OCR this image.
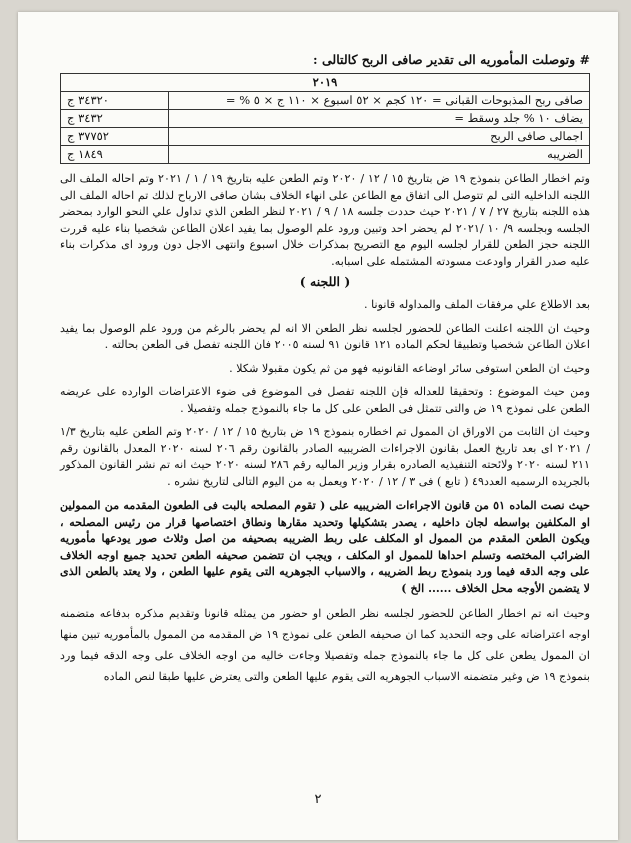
# وتوصلت المأموريه الى تقدير صافى الربح كالتالى :
٢٠١٩	
صافى ربح المذبوحات القبانى = ١٢٠ كجم × ٥٢ اسبوع × ١١٠ ج × ٥ % =	٣٤٣٢٠ ج
يضاف ١٠ % جلد وسقط =	٣٤٣٢ ج
اجمالى صافى الربح	٣٧٧٥٢ ج
الضريبه	١٨٤٩ ج

وتم اخطار الطاعن بنموذج ١٩ ض بتاريخ ١٥ / ١٢ / ٢٠٢٠ وتم الطعن عليه بتاريخ ١٩ / ١ / ٢٠٢١ وتم احاله الملف الى اللجنه الداخليه التى لم تتوصل الى اتفاق مع الطاعن على انهاء الخلاف بشان صافى الارباح لذلك تم احاله الملف الى هذه اللجنه بتاريخ ٢٧ / ٧ / ٢٠٢١ حيث حددت جلسه ١٨ / ٩ / ٢٠٢١ لنظر الطعن الذي تداول علي النحو الوارد بمحضر الجلسه وبجلسه ٩/ ١٠ /٢٠٢١ لم يحضر احد وتبين ورود علم الوصول بما يفيد اعلان الطاعن شخصيا بناء عليه قررت اللجنه حجز الطعن للقرار لجلسه اليوم مع التصريح بمذكرات خلال اسبوع وانتهى الاجل دون ورود اى مذكرات بناء عليه صدر القرار واودعت مسودته المشتمله على اسبابه.

( اللجنه )

بعد الاطلاع علي مرفقات الملف والمداوله قانونا .

وحيث ان اللجنه اعلنت الطاعن للحضور لجلسه نظر الطعن الا انه لم يحضر بالرغم من ورود علم الوصول بما يفيد اعلان الطاعن شخصيا وتطبيقا لحكم الماده ١٢١ قانون ٩١ لسنه ٢٠٠٥ فان اللجنه تفصل فى الطعن بحالته .

وحيث ان الطعن استوفى سائر اوضاعه القانونيه فهو من ثم يكون مقبولا شكلا .

ومن حيث الموضوع : وتحقيقا للعداله فإن اللجنه تفصل فى الموضوع فى ضوء الاعتراضات الوارده على عريضه الطعن على نموذج ١٩ ض والتى تتمثل فى الطعن على كل ما جاء بالنموذج جمله وتفصيلا .

وحيث ان الثابت من الاوراق ان الممول تم اخطاره بنموذج ١٩ ض بتاريخ ١٥ / ١٢ / ٢٠٢٠ وتم الطعن عليه بتاريخ ١/٣ / ٢٠٢١ اى بعد تاريخ العمل بقانون الاجراءات الضريبيه الصادر بالقانون رقم ٢٠٦ لسنه ٢٠٢٠ المعدل بالقانون رقم ٢١١ لسنه ٢٠٢٠ ولائحته التنفيذيه الصادره بقرار وزير الماليه رقم ٢٨٦ لسنه ٢٠٢٠ حيث انه تم نشر القانون المذكور بالجريده الرسميه العدد٤٩ ( تابع ) فى ٣ / ١٢ / ٢٠٢٠ ويعمل به من اليوم التالى لتاريخ نشره .

حيث نصت الماده ٥١ من قانون الاجراءات الضريبيه على ( تقوم المصلحه بالبت فى الطعون المقدمه من الممولين او المكلفين بواسطه لجان داخليه ، يصدر بتشكيلها وتحديد مقارها ونطاق اختصاصها قرار من رئيس المصلحه ، ويكون الطعن المقدم من الممول او المكلف على ربط الضريبه بصحيفه من اصل وثلاث صور يودعها مأموريه الضرائب المختصه وتسلم احداها للممول او المكلف ، ويجب ان تتضمن صحيفه الطعن تحديد جميع اوجه الخلاف على وجه الدقه فيما ورد بنموذج ربط الضريبه ، والاسباب الجوهريه التى يقوم عليها الطعن ، ولا يعتد بالطعن الذى لا يتضمن الأوجه محل الخلاف ...... الخ )

وحيث انه تم اخطار الطاعن للحضور لجلسه نظر الطعن او حضور من يمثله قانونا وتقديم مذكره بدفاعه متضمنه اوجه اعتراضاته على وجه التحديد كما ان صحيفه الطعن على نموذج ١٩ ض المقدمه من الممول بالمأموريه تبين منها ان الممول يطعن على كل ما جاء بالنموذج جمله وتفصيلا وجاءت خاليه من اوجه الخلاف على وجه الدقه فيما ورد بنموذج ١٩ ض وغير متضمنه الاسباب الجوهريه التى يقوم عليها الطعن والتى يعترض عليها طبقا لنص الماده

٢
